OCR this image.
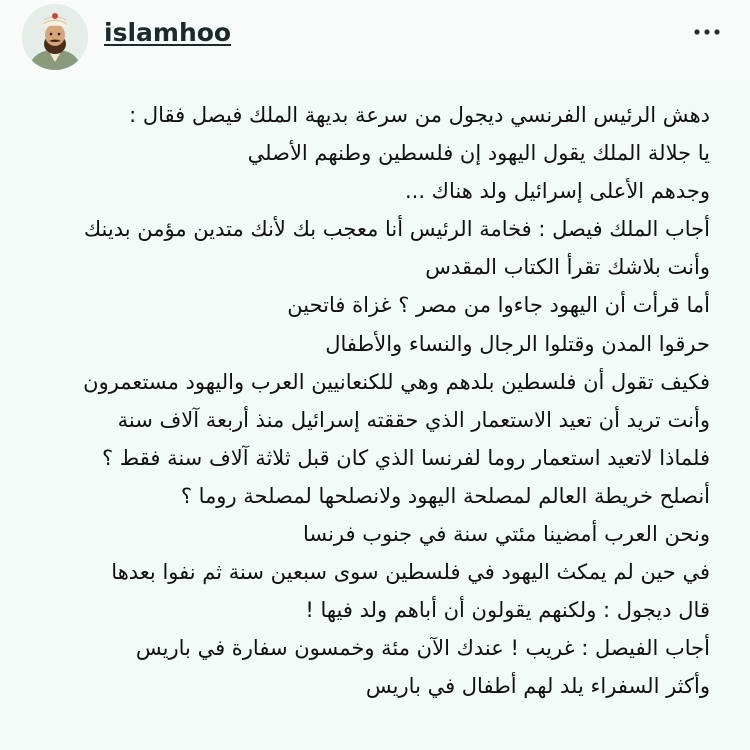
islamhoo

دهش الرئيس الفرنسي ديجول من سرعة بديهة الملك فيصل فقال :

يا جلالة الملك يقول اليهود إن فلسطين وطنهم الأصلي

وجدهم الأعلى إسرائيل ولد هناك ...

أجاب الملك فيصل : فخامة الرئيس أنا معجب بك لأنك متدين مؤمن بدينك

وأنت بلاشك تقرأ الكتاب المقدس

أما قرأت أن اليهود جاءوا من مصر ؟ غزاة فاتحين

حرقوا المدن وقتلوا الرجال والنساء والأطفال

فكيف تقول أن فلسطين بلدهم وهي للكنعانيين العرب واليهود مستعمرون

وأنت تريد أن تعيد الاستعمار الذي حققته إسرائيل منذ أربعة آلاف سنة

فلماذا لاتعيد استعمار روما لفرنسا الذي كان قبل ثلاثة آلاف سنة فقط ؟

أنصلح خريطة العالم لمصلحة اليهود ولانصلحها لمصلحة روما ؟

ونحن العرب أمضينا مئتي سنة في جنوب فرنسا

في حين لم يمكث اليهود في فلسطين سوى سبعين سنة ثم نفوا بعدها

قال ديجول : ولكنهم يقولون أن أباهم ولد فيها !

أجاب الفيصل : غريب ! عندك الآن مئة وخمسون سفارة في باريس

وأكثر السفراء يلد لهم أطفال في باريس
